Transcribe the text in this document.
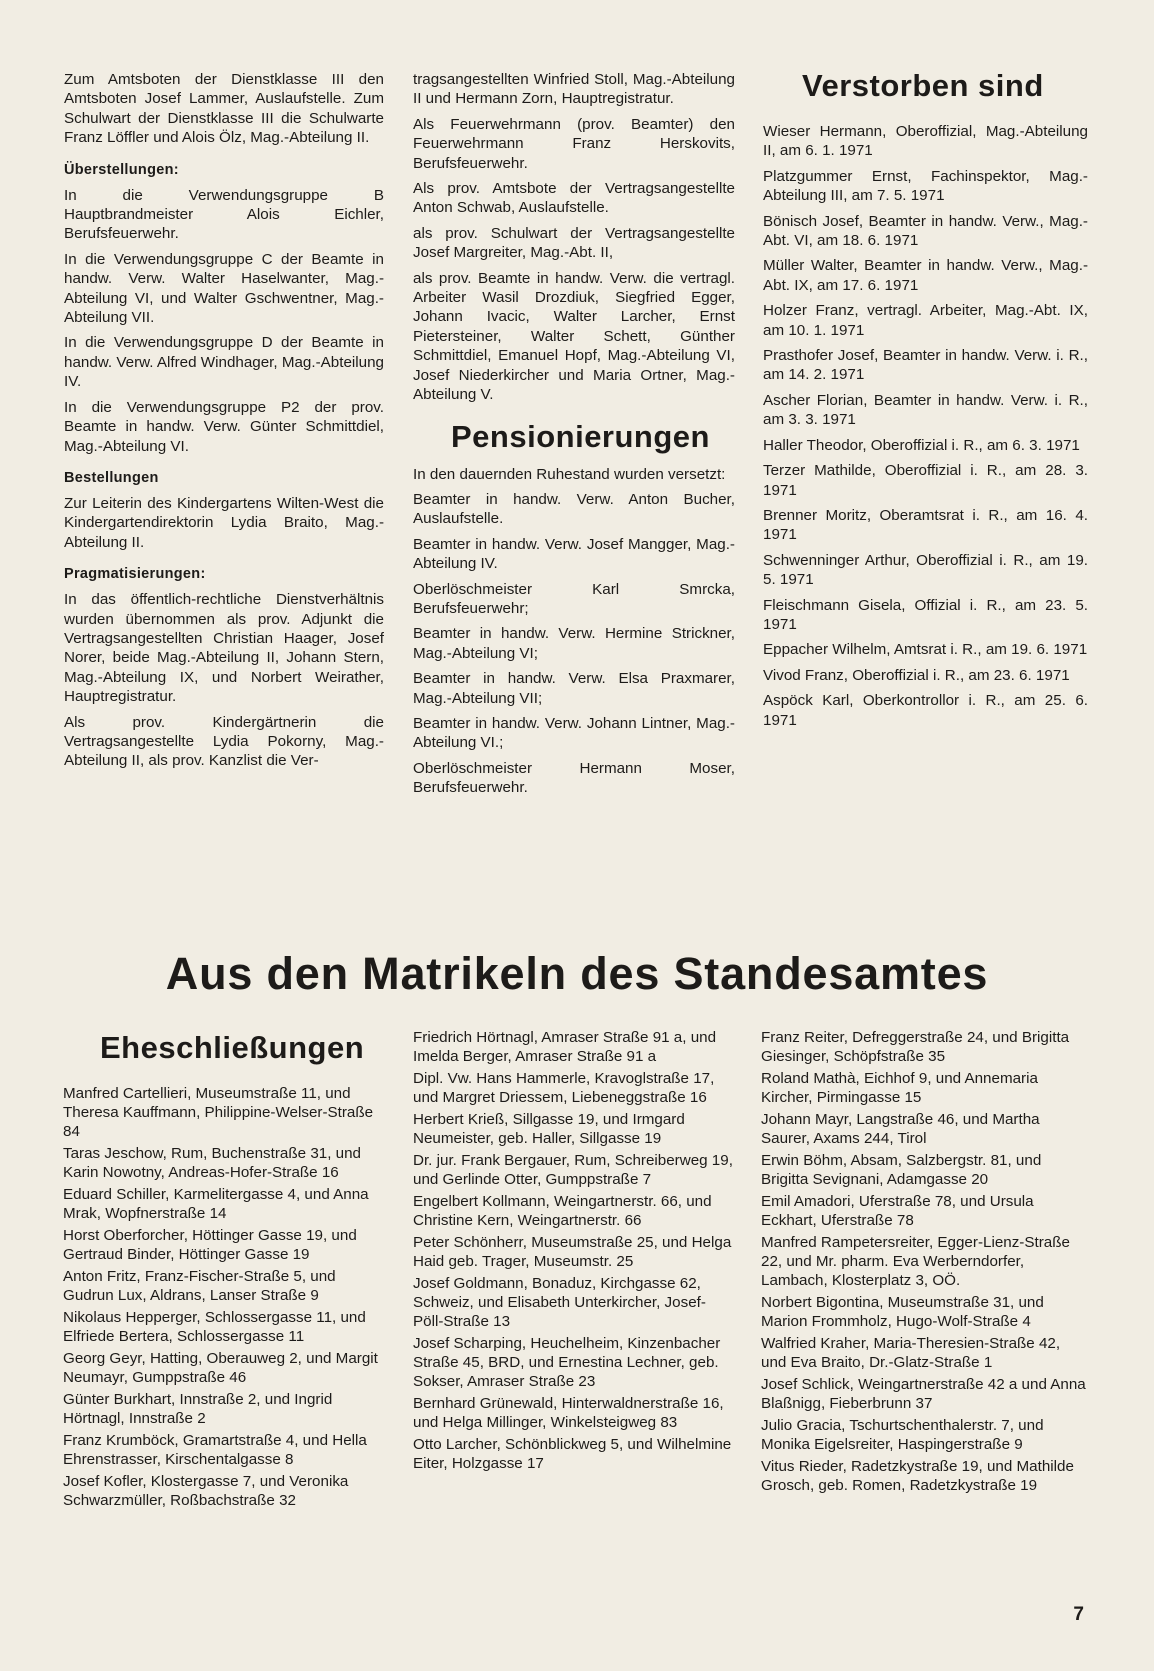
Zum Amtsboten der Dienstklasse III den Amtsboten Josef Lammer, Auslaufstelle. Zum Schulwart der Dienstklasse III die Schulwarte Franz Löffler und Alois Ölz, Mag.-Abteilung II.

Überstellungen:

In die Verwendungsgruppe B Hauptbrandmeister Alois Eichler, Berufsfeuerwehr.

In die Verwendungsgruppe C der Beamte in handw. Verw. Walter Haselwanter, Mag.-Abteilung VI, und Walter Gschwentner, Mag.-Abteilung VII.

In die Verwendungsgruppe D der Beamte in handw. Verw. Alfred Windhager, Mag.-Abteilung IV.

In die Verwendungsgruppe P2 der prov. Beamte in handw. Verw. Günter Schmittdiel, Mag.-Abteilung VI.

Bestellungen

Zur Leiterin des Kindergartens Wilten-West die Kindergartendirektorin Lydia Braito, Mag.-Abteilung II.

Pragmatisierungen:

In das öffentlich-rechtliche Dienstverhältnis wurden übernommen als prov. Adjunkt die Vertragsangestellten Christian Haager, Josef Norer, beide Mag.-Abteilung II, Johann Stern, Mag.-Abteilung IX, und Norbert Weirather, Hauptregistratur.

Als prov. Kindergärtnerin die Vertragsangestellte Lydia Pokorny, Mag.-Abteilung II, als prov. Kanzlist die Ver-

tragsangestellten Winfried Stoll, Mag.-Abteilung II und Hermann Zorn, Hauptregistratur.

Als Feuerwehrmann (prov. Beamter) den Feuerwehrmann Franz Herskovits, Berufsfeuerwehr.

Als prov. Amtsbote der Vertragsangestellte Anton Schwab, Auslaufstelle.

als prov. Schulwart der Vertragsangestellte Josef Margreiter, Mag.-Abt. II,

als prov. Beamte in handw. Verw. die vertragl. Arbeiter Wasil Drozdiuk, Siegfried Egger, Johann Ivacic, Walter Larcher, Ernst Pietersteiner, Walter Schett, Günther Schmittdiel, Emanuel Hopf, Mag.-Abteilung VI, Josef Niederkircher und Maria Ortner, Mag.-Abteilung V.

Pensionierungen

In den dauernden Ruhestand wurden versetzt:

Beamter in handw. Verw. Anton Bucher, Auslaufstelle.

Beamter in handw. Verw. Josef Mangger, Mag.-Abteilung IV.

Oberlöschmeister Karl Smrcka, Berufsfeuerwehr;

Beamter in handw. Verw. Hermine Strickner, Mag.-Abteilung VI;

Beamter in handw. Verw. Elsa Praxmarer, Mag.-Abteilung VII;

Beamter in handw. Verw. Johann Lintner, Mag.-Abteilung VI.;

Oberlöschmeister Hermann Moser, Berufsfeuerwehr.

Verstorben sind

Wieser Hermann, Oberoffizial, Mag.-Abteilung II, am 6. 1. 1971

Platzgummer Ernst, Fachinspektor, Mag.-Abteilung III, am 7. 5. 1971

Bönisch Josef, Beamter in handw. Verw., Mag.-Abt. VI, am 18. 6. 1971

Müller Walter, Beamter in handw. Verw., Mag.-Abt. IX, am 17. 6. 1971

Holzer Franz, vertragl. Arbeiter, Mag.-Abt. IX, am 10. 1. 1971

Prasthofer Josef, Beamter in handw. Verw. i. R., am 14. 2. 1971

Ascher Florian, Beamter in handw. Verw. i. R., am 3. 3. 1971

Haller Theodor, Oberoffizial i. R., am 6. 3. 1971

Terzer Mathilde, Oberoffizial i. R., am 28. 3. 1971

Brenner Moritz, Oberamtsrat i. R., am 16. 4. 1971

Schwenninger Arthur, Oberoffizial i. R., am 19. 5. 1971

Fleischmann Gisela, Offizial i. R., am 23. 5. 1971

Eppacher Wilhelm, Amtsrat i. R., am 19. 6. 1971

Vivod Franz, Oberoffizial i. R., am 23. 6. 1971

Aspöck Karl, Oberkontrollor i. R., am 25. 6. 1971

Aus den Matrikeln des Standesamtes
Eheschließungen

Manfred Cartellieri, Museumstraße 11, und Theresa Kauffmann, Philippine-Welser-Straße 84

Taras Jeschow, Rum, Buchenstraße 31, und Karin Nowotny, Andreas-Hofer-Straße 16

Eduard Schiller, Karmelitergasse 4, und Anna Mrak, Wopfnerstraße 14

Horst Oberforcher, Höttinger Gasse 19, und Gertraud Binder, Höttinger Gasse 19

Anton Fritz, Franz-Fischer-Straße 5, und Gudrun Lux, Aldrans, Lanser Straße 9

Nikolaus Hepperger, Schlossergasse 11, und Elfriede Bertera, Schlossergasse 11

Georg Geyr, Hatting, Oberauweg 2, und Margit Neumayr, Gumppstraße 46

Günter Burkhart, Innstraße 2, und Ingrid Hörtnagl, Innstraße 2

Franz Krumböck, Gramartstraße 4, und Hella Ehrenstrasser, Kirschentalgasse 8

Josef Kofler, Klostergasse 7, und Veronika Schwarzmüller, Roßbachstraße 32

Friedrich Hörtnagl, Amraser Straße 91 a, und Imelda Berger, Amraser Straße 91 a

Dipl. Vw. Hans Hammerle, Kravoglstraße 17, und Margret Driessem, Liebeneggstraße 16

Herbert Krieß, Sillgasse 19, und Irmgard Neumeister, geb. Haller, Sillgasse 19

Dr. jur. Frank Bergauer, Rum, Schreiberweg 19, und Gerlinde Otter, Gumppstraße 7

Engelbert Kollmann, Weingartnerstr. 66, und Christine Kern, Weingartnerstr. 66

Peter Schönherr, Museumstraße 25, und Helga Haid geb. Trager, Museumstr. 25

Josef Goldmann, Bonaduz, Kirchgasse 62, Schweiz, und Elisabeth Unterkircher, Josef-Pöll-Straße 13

Josef Scharping, Heuchelheim, Kinzenbacher Straße 45, BRD, und Ernestina Lechner, geb. Sokser, Amraser Straße 23

Bernhard Grünewald, Hinterwaldnerstraße 16, und Helga Millinger, Winkelsteigweg 83

Otto Larcher, Schönblickweg 5, und Wilhelmine Eiter, Holzgasse 17

Franz Reiter, Defreggerstraße 24, und Brigitta Giesinger, Schöpfstraße 35

Roland Mathà, Eichhof 9, und Annemaria Kircher, Pirmingasse 15

Johann Mayr, Langstraße 46, und Martha Saurer, Axams 244, Tirol

Erwin Böhm, Absam, Salzbergstr. 81, und Brigitta Sevignani, Adamgasse 20

Emil Amadori, Uferstraße 78, und Ursula Eckhart, Uferstraße 78

Manfred Rampetersreiter, Egger-Lienz-Straße 22, und Mr. pharm. Eva Werberndorfer, Lambach, Klosterplatz 3, OÖ.

Norbert Bigontina, Museumstraße 31, und Marion Frommholz, Hugo-Wolf-Straße 4

Walfried Kraher, Maria-Theresien-Straße 42, und Eva Braito, Dr.-Glatz-Straße 1

Josef Schlick, Weingartnerstraße 42 a und Anna Blaßnigg, Fieberbrunn 37

Julio Gracia, Tschurtschenthalerstr. 7, und Monika Eigelsreiter, Haspingerstraße 9

Vitus Rieder, Radetzkystraße 19, und Mathilde Grosch, geb. Romen, Radetzkystraße 19

7
